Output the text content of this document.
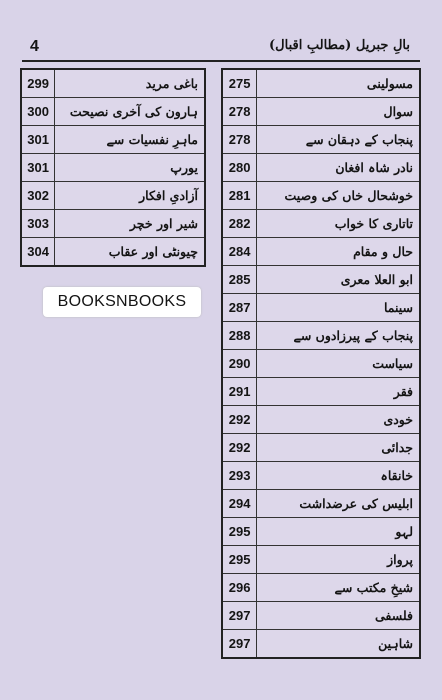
4	بالِ جبریل (مطالبِ اقبال)
299	باغی مرید
300	ہارون کی آخری نصیحت
301	ماہرِ نفسیات سے
301	یورپ
302	آزادیِ افکار
303	شیر اور خچر
304	چیونٹی اور عقاب
275	مسولینی
278	سوال
278	پنجاب کے دہقان سے
280	نادر شاہ افغان
281	خوشحال خاں کی وصیت
282	تاتاری کا خواب
284	حال و مقام
285	ابو العلا معری
287	سینما
288	پنجاب کے پیرزادوں سے
290	سیاست
291	فقر
292	خودی
292	جدائی
293	خانقاہ
294	ابلیس کی عرضداشت
295	لہو
295	پرواز
296	شیخِ مکتب سے
297	فلسفی
297	شاہین
BOOKSNBOOKS
